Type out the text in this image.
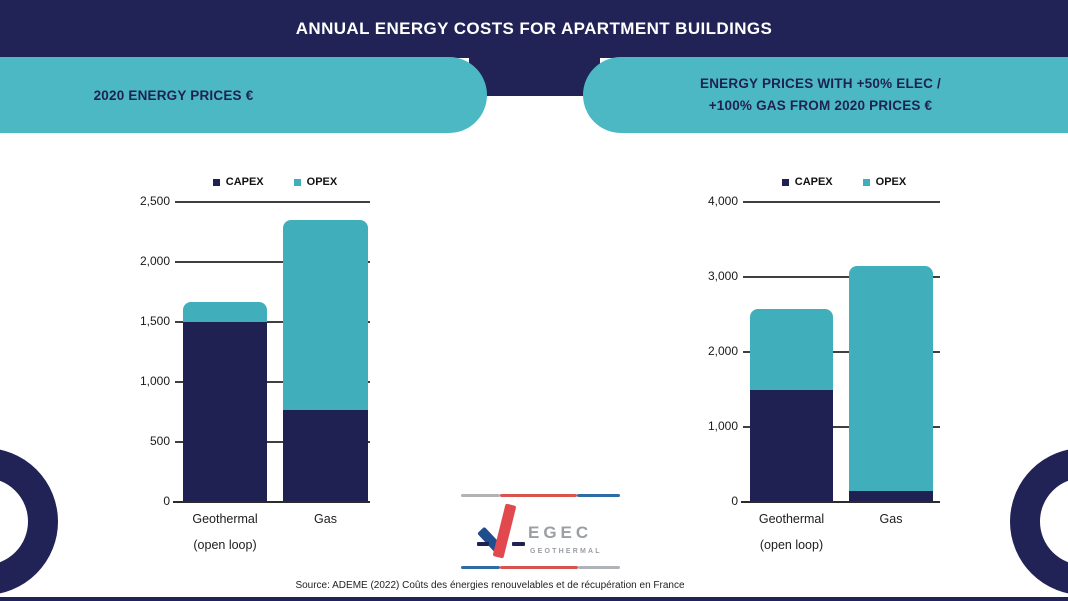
ANNUAL ENERGY COSTS FOR APARTMENT BUILDINGS
2020 ENERGY PRICES €
ENERGY PRICES WITH +50% ELEC /
+100% GAS FROM 2020 PRICES €
0
500
1,000
1,500
2,000
2,500
Geothermal
(open loop)
Gas
CAPEX	OPEX
0
1,000
2,000
3,000
4,000
Geothermal
(open loop)
Gas
CAPEX	OPEX
EGEC
GEOTHERMAL
Source: ADEME (2022) Coûts des énergies renouvelables et de récupération en France
